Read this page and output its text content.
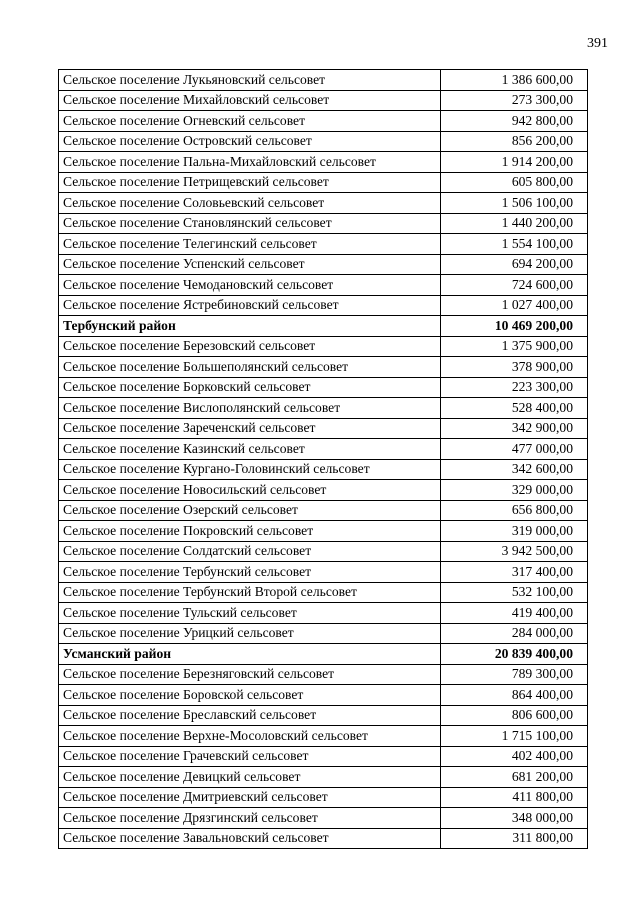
391
Сельское поселение Лукьяновский сельсовет	1 386 600,00
Сельское поселение Михайловский сельсовет	273 300,00
Сельское поселение Огневский сельсовет	942 800,00
Сельское поселение Островский сельсовет	856 200,00
Сельское поселение Пальна-Михайловский сельсовет	1 914 200,00
Сельское поселение Петрищевский сельсовет	605 800,00
Сельское поселение Соловьевский сельсовет	1 506 100,00
Сельское поселение Становлянский сельсовет	1 440 200,00
Сельское поселение Телегинский сельсовет	1 554 100,00
Сельское поселение Успенский сельсовет	694 200,00
Сельское поселение Чемодановский сельсовет	724 600,00
Сельское поселение Ястребиновский сельсовет	1 027 400,00
Тербунский район	10 469 200,00
Сельское поселение Березовский сельсовет	1 375 900,00
Сельское поселение Большеполянский сельсовет	378 900,00
Сельское поселение Борковский сельсовет	223 300,00
Сельское поселение Вислополянский сельсовет	528 400,00
Сельское поселение Зареченский сельсовет	342 900,00
Сельское поселение Казинский сельсовет	477 000,00
Сельское поселение Кургано-Головинский сельсовет	342 600,00
Сельское поселение Новосильский сельсовет	329 000,00
Сельское поселение Озерский сельсовет	656 800,00
Сельское поселение Покровский сельсовет	319 000,00
Сельское поселение Солдатский сельсовет	3 942 500,00
Сельское поселение Тербунский сельсовет	317 400,00
Сельское поселение Тербунский Второй сельсовет	532 100,00
Сельское поселение Тульский сельсовет	419 400,00
Сельское поселение Урицкий сельсовет	284 000,00
Усманский район	20 839 400,00
Сельское поселение Березняговский сельсовет	789 300,00
Сельское поселение Боровской сельсовет	864 400,00
Сельское поселение Бреславский сельсовет	806 600,00
Сельское поселение Верхне-Мосоловский сельсовет	1 715 100,00
Сельское поселение Грачевский сельсовет	402 400,00
Сельское поселение Девицкий сельсовет	681 200,00
Сельское поселение Дмитриевский сельсовет	411 800,00
Сельское поселение Дрязгинский сельсовет	348 000,00
Сельское поселение Завальновский сельсовет	311 800,00
